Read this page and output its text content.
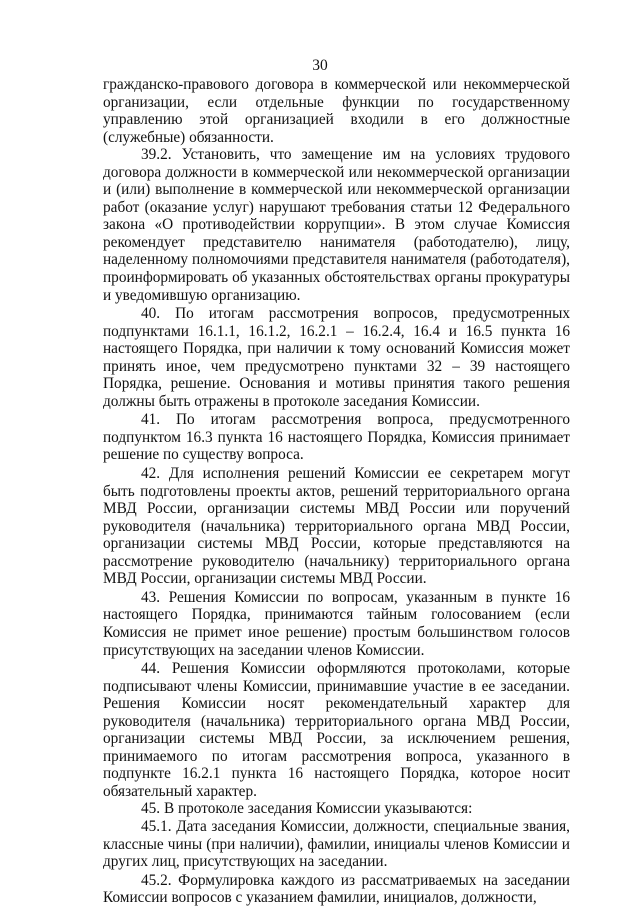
30

гражданско-правового договора в коммерческой или некоммерческой организации, если отдельные функции по государственному управлению этой организацией входили в его должностные (служебные) обязанности.

39.2. Установить, что замещение им на условиях трудового договора должности в коммерческой или некоммерческой организации и (или) выполнение в коммерческой или некоммерческой организации работ (оказание услуг) нарушают требования статьи 12 Федерального закона «О противодействии коррупции». В этом случае Комиссия рекомендует представителю нанимателя (работодателю), лицу, наделенному полномочиями представителя нанимателя (работодателя), проинформировать об указанных обстоятельствах органы прокуратуры и уведомившую организацию.

40. По итогам рассмотрения вопросов, предусмотренных подпунктами 16.1.1, 16.1.2, 16.2.1 – 16.2.4, 16.4 и 16.5 пункта 16 настоящего Порядка, при наличии к тому оснований Комиссия может принять иное, чем предусмотрено пунктами 32 – 39 настоящего Порядка, решение. Основания и мотивы принятия такого решения должны быть отражены в протоколе заседания Комиссии.

41. По итогам рассмотрения вопроса, предусмотренного подпунктом 16.3 пункта 16 настоящего Порядка, Комиссия принимает решение по существу вопроса.

42. Для исполнения решений Комиссии ее секретарем могут быть подготовлены проекты актов, решений территориального органа МВД России, организации системы МВД России или поручений руководителя (начальника) территориального органа МВД России, организации системы МВД России, которые представляются на рассмотрение руководителю (начальнику) территориального органа МВД России, организации системы МВД России.

43. Решения Комиссии по вопросам, указанным в пункте 16 настоящего Порядка, принимаются тайным голосованием (если Комиссия не примет иное решение) простым большинством голосов присутствующих на заседании членов Комиссии.

44. Решения Комиссии оформляются протоколами, которые подписывают члены Комиссии, принимавшие участие в ее заседании. Решения Комиссии носят рекомендательный характер для руководителя (начальника) территориального органа МВД России, организации системы МВД России, за исключением решения, принимаемого по итогам рассмотрения вопроса, указанного в подпункте 16.2.1 пункта 16 настоящего Порядка, которое носит обязательный характер.

45. В протоколе заседания Комиссии указываются:

45.1. Дата заседания Комиссии, должности, специальные звания, классные чины (при наличии), фамилии, инициалы членов Комиссии и других лиц, присутствующих на заседании.

45.2. Формулировка каждого из рассматриваемых на заседании Комиссии вопросов с указанием фамилии, инициалов, должности,
